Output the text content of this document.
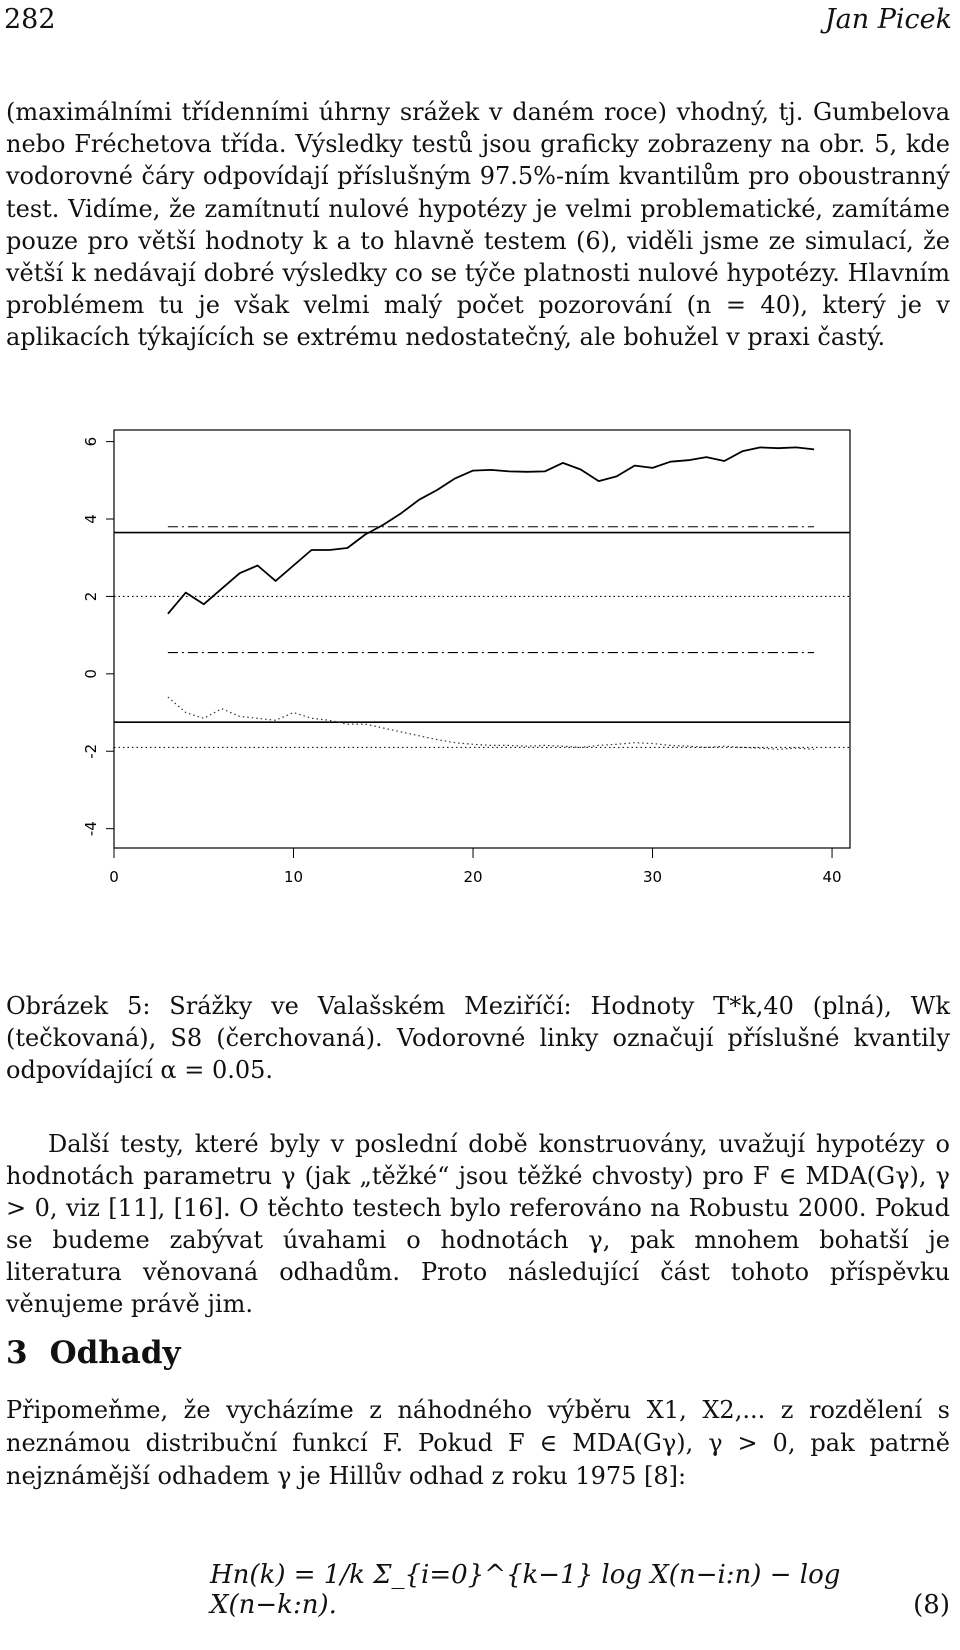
282	Jan Picek

(maximálními třídenními úhrny srážek v daném roce) vhodný, tj. Gumbelova nebo Fréchetova třída. Výsledky testů jsou graficky zobrazeny na obr. 5, kde vodorovné čáry odpovídají příslušným 97.5%-ním kvantilům pro oboustranný test. Vidíme, že zamítnutí nulové hypotézy je velmi problematické, zamítáme pouze pro větší hodnoty k a to hlavně testem (6), viděli jsme ze simulací, že větší k nedávají dobré výsledky co se týče platnosti nulové hypotézy. Hlavním problémem tu je však velmi malý počet pozorování (n = 40), který je v aplikacích týkajících se extrému nedostatečný, ale bohužel v praxi častý.

-4
-2
0
2
4
6
0	10	20	30	40

Obrázek 5: Srážky ve Valašském Meziříčí: Hodnoty T*k,40 (plná), Wk (tečkovaná), S8 (čerchovaná). Vodorovné linky označují příslušné kvantily odpovídající α = 0.05.

Další testy, které byly v poslední době konstruovány, uvažují hypotézy o hodnotách parametru γ (jak „těžké“ jsou těžké chvosty) pro F ∈ MDA(Gγ), γ > 0, viz [11], [16]. O těchto testech bylo referováno na Robustu 2000. Pokud se budeme zabývat úvahami o hodnotách γ, pak mnohem bohatší je literatura věnovaná odhadům. Proto následující část tohoto příspěvku věnujeme právě jim.

3 Odhady

Připomeňme, že vycházíme z náhodného výběru X1, X2,... z rozdělení s neznámou distribuční funkcí F. Pokud F ∈ MDA(Gγ), γ > 0, pak patrně nejznámější odhadem γ je Hillův odhad z roku 1975 [8]:

Hn(k) = 1/k Σ_{i=0}^{k−1} log X(n−i:n) − log X(n−k:n).	(8)
